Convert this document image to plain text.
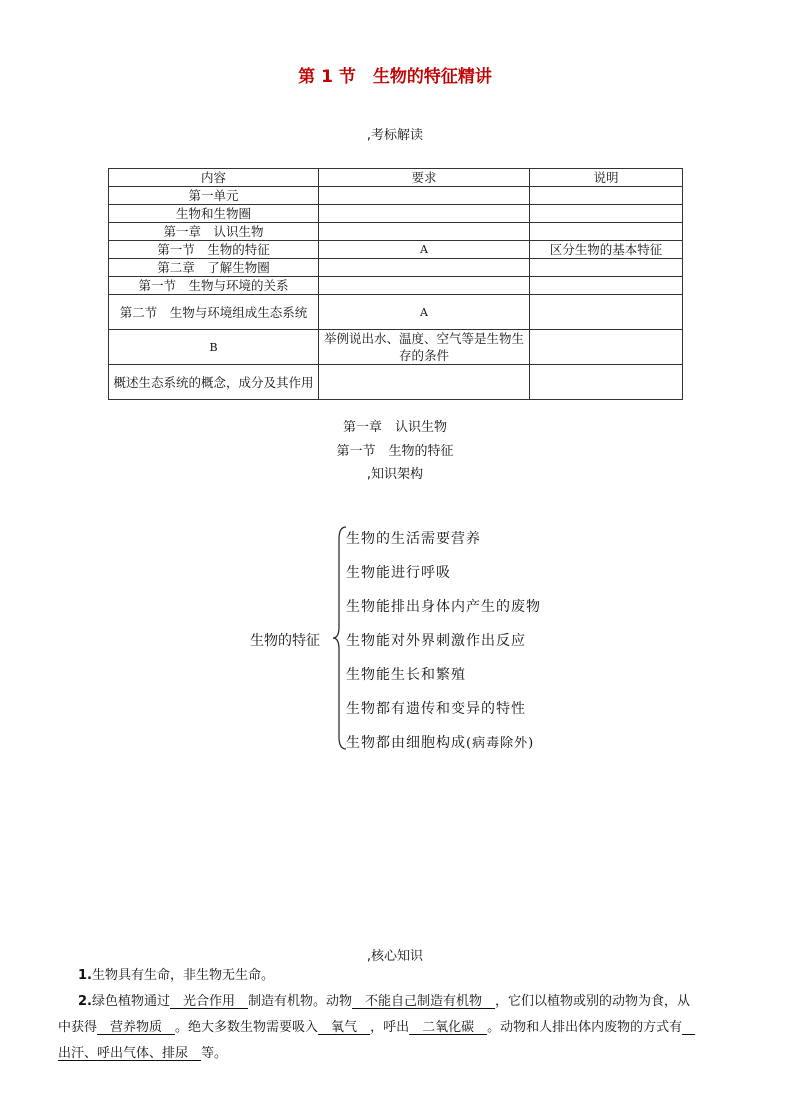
第 1 节　生物的特征精讲
,考标解读
内容	要求	说明
第一单元		
生物和生物圈		
第一章　认识生物		
第一节　生物的特征	A	区分生物的基本特征
第二章　了解生物圈		
第一节　生物与环境的关系		
第二节　生物与环境组成生态系统	A	
B	举例说出水、温度、空气等是生物生存的条件	
概述生态系统的概念，成分及其作用		
第一章　认识生物
第一节　生物的特征
,知识架构
生物的特征
生物的生活需要营养
生物能进行呼吸
生物能排出身体内产生的废物
生物能对外界刺激作出反应
生物能生长和繁殖
生物都有遗传和变异的特性
生物都由细胞构成(病毒除外)
,核心知识
1.生物具有生命，非生物无生命。
2.绿色植物通过　光合作用　制造有机物。动物　不能自己制造有机物　，它们以植物或别的动物为食，从
中获得　营养物质　。绝大多数生物需要吸入　氧气　，呼出　二氧化碳　。动物和人排出体内废物的方式有　
出汗、呼出气体、排尿　等。
